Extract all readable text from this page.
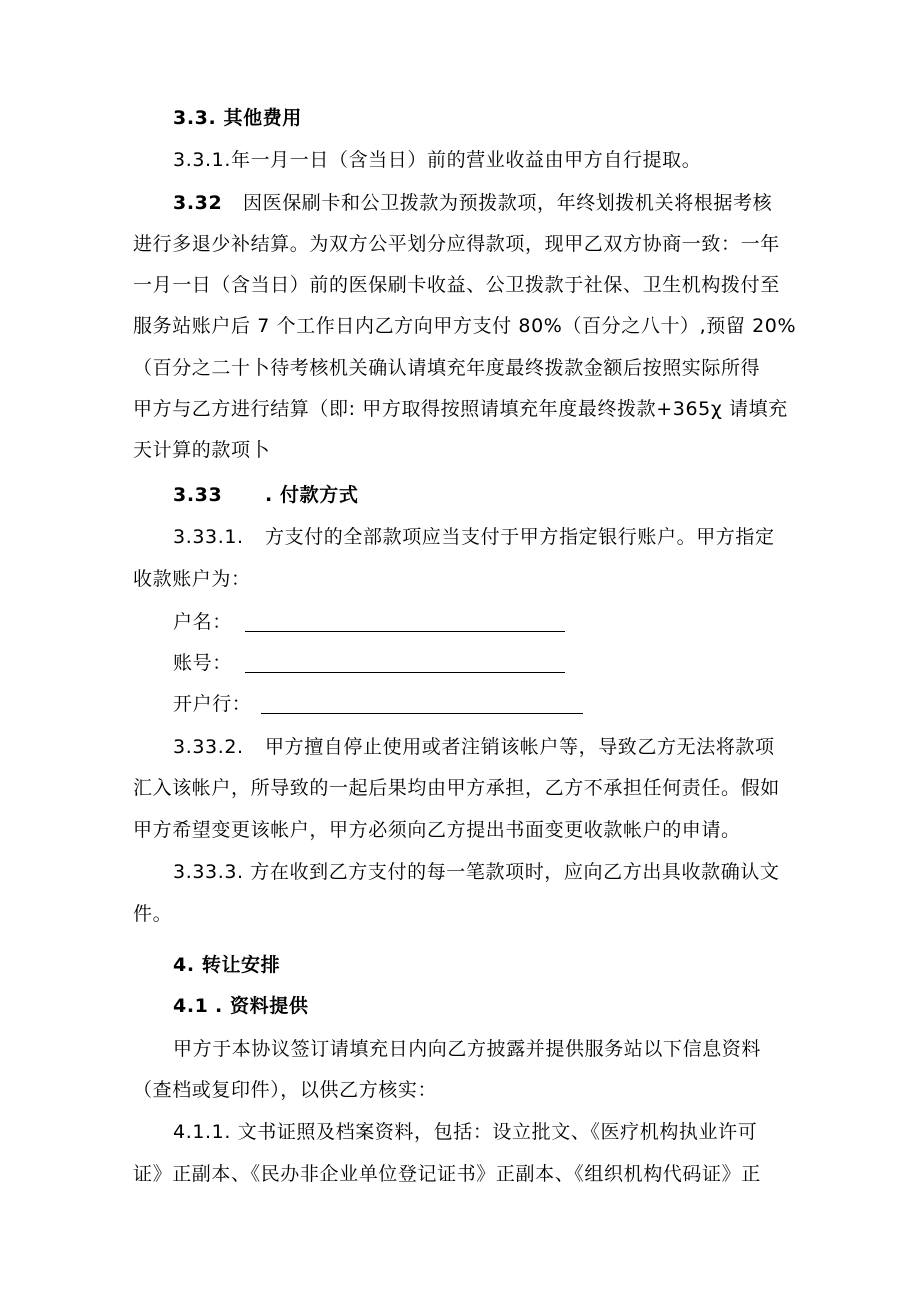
3.3. 其他费用
3.3.1.年一月一日（含当日）前的营业收益由甲方自行提取。
3.32 因医保刷卡和公卫拨款为预拨款项，年终划拨机关将根据考核
进行多退少补结算。为双方公平划分应得款项，现甲乙双方协商一致：一年
一月一日（含当日）前的医保刷卡收益、公卫拨款于社保、卫生机构拨付至
服务站账户后 7 个工作日内乙方向甲方支付 80%（百分之八十）,预留 20%
（百分之二十卜待考核机关确认请填充年度最终拨款金额后按照实际所得
甲方与乙方进行结算（即: 甲方取得按照请填充年度最终拨款+365χ 请填充
天计算的款项卜
3.33 . 付款方式
3.33.1. 方支付的全部款项应当支付于甲方指定银行账户。甲方指定
收款账户为：
户名：
账号：
开户行：
3.33.2. 甲方擅自停止使用或者注销该帐户等，导致乙方无法将款项
汇入该帐户，所导致的一起后果均由甲方承担，乙方不承担任何责任。假如
甲方希望变更该帐户，甲方必须向乙方提出书面变更收款帐户的申请。
3.33.3. 方在收到乙方支付的每一笔款项时，应向乙方出具收款确认文
件。
4. 转让安排
4.1 . 资料提供
甲方于本协议签订请填充日内向乙方披露并提供服务站以下信息资料
（查档或复印件），以供乙方核实：
4.1.1. 文书证照及档案资料，包括：设立批文、《医疗机构执业许可
证》正副本、《民办非企业单位登记证书》正副本、《组织机构代码证》正
